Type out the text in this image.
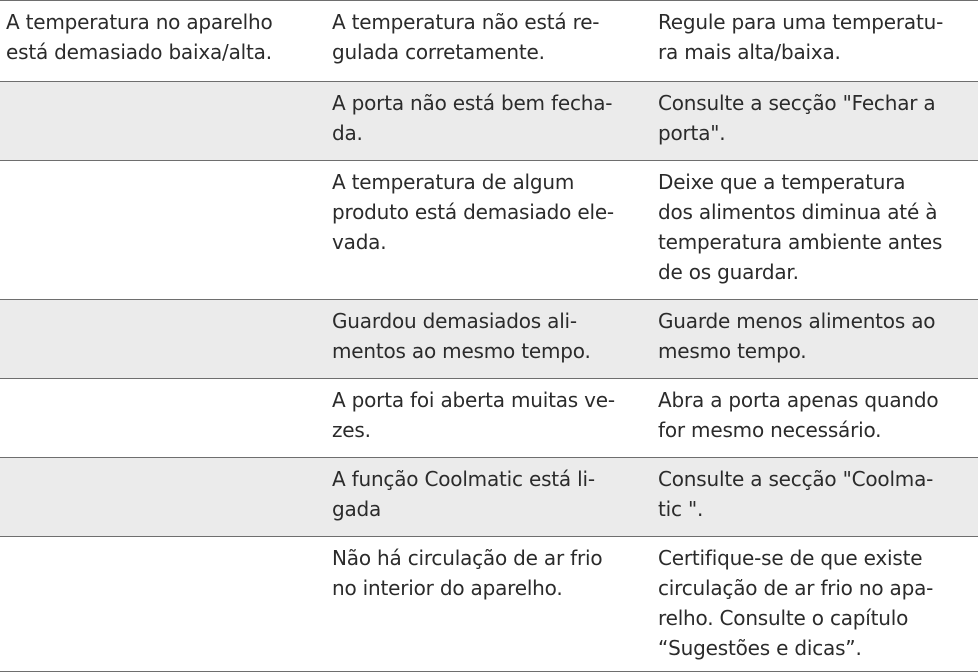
A temperatura no aparelho
está demasiado baixa/alta.
A temperatura não está re-
gulada corretamente.
Regule para uma temperatu-
ra mais alta/baixa.
A porta não está bem fecha-
da.
Consulte a secção "Fechar a
porta".
A temperatura de algum
produto está demasiado ele-
vada.
Deixe que a temperatura
dos alimentos diminua até à
temperatura ambiente antes
de os guardar.
Guardou demasiados ali-
mentos ao mesmo tempo.
Guarde menos alimentos ao
mesmo tempo.
A porta foi aberta muitas ve-
zes.
Abra a porta apenas quando
for mesmo necessário.
A função Coolmatic está li-
gada
Consulte a secção "Coolma-
tic ".
Não há circulação de ar frio
no interior do aparelho.
Certifique-se de que existe
circulação de ar frio no apa-
relho. Consulte o capítulo
“Sugestões e dicas”.
